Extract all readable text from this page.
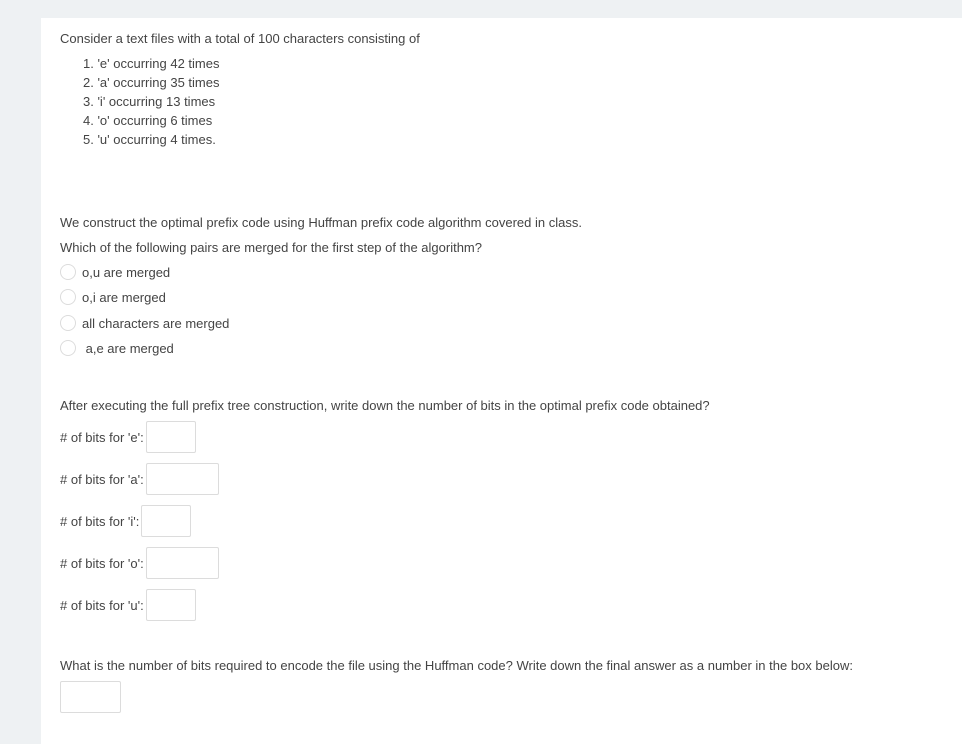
Consider a text files with a total of 100 characters consisting of
1. 'e' occurring 42 times
2. 'a' occurring 35 times
3. 'i' occurring 13 times
4. 'o' occurring 6 times
5. 'u' occurring 4 times.
We construct the optimal prefix code using Huffman prefix code algorithm covered in class.
Which of the following pairs are merged for the first step of the algorithm?
o,u are merged
o,i are merged
all characters are merged
a,e are merged
After executing the full prefix tree construction, write down the number of bits in the optimal prefix code obtained?
# of bits for 'e':
# of bits for 'a':
# of bits for 'i':
# of bits for 'o':
# of bits for 'u':
What is the number of bits required to encode the file using the Huffman code? Write down the final answer as a number in the box below:
